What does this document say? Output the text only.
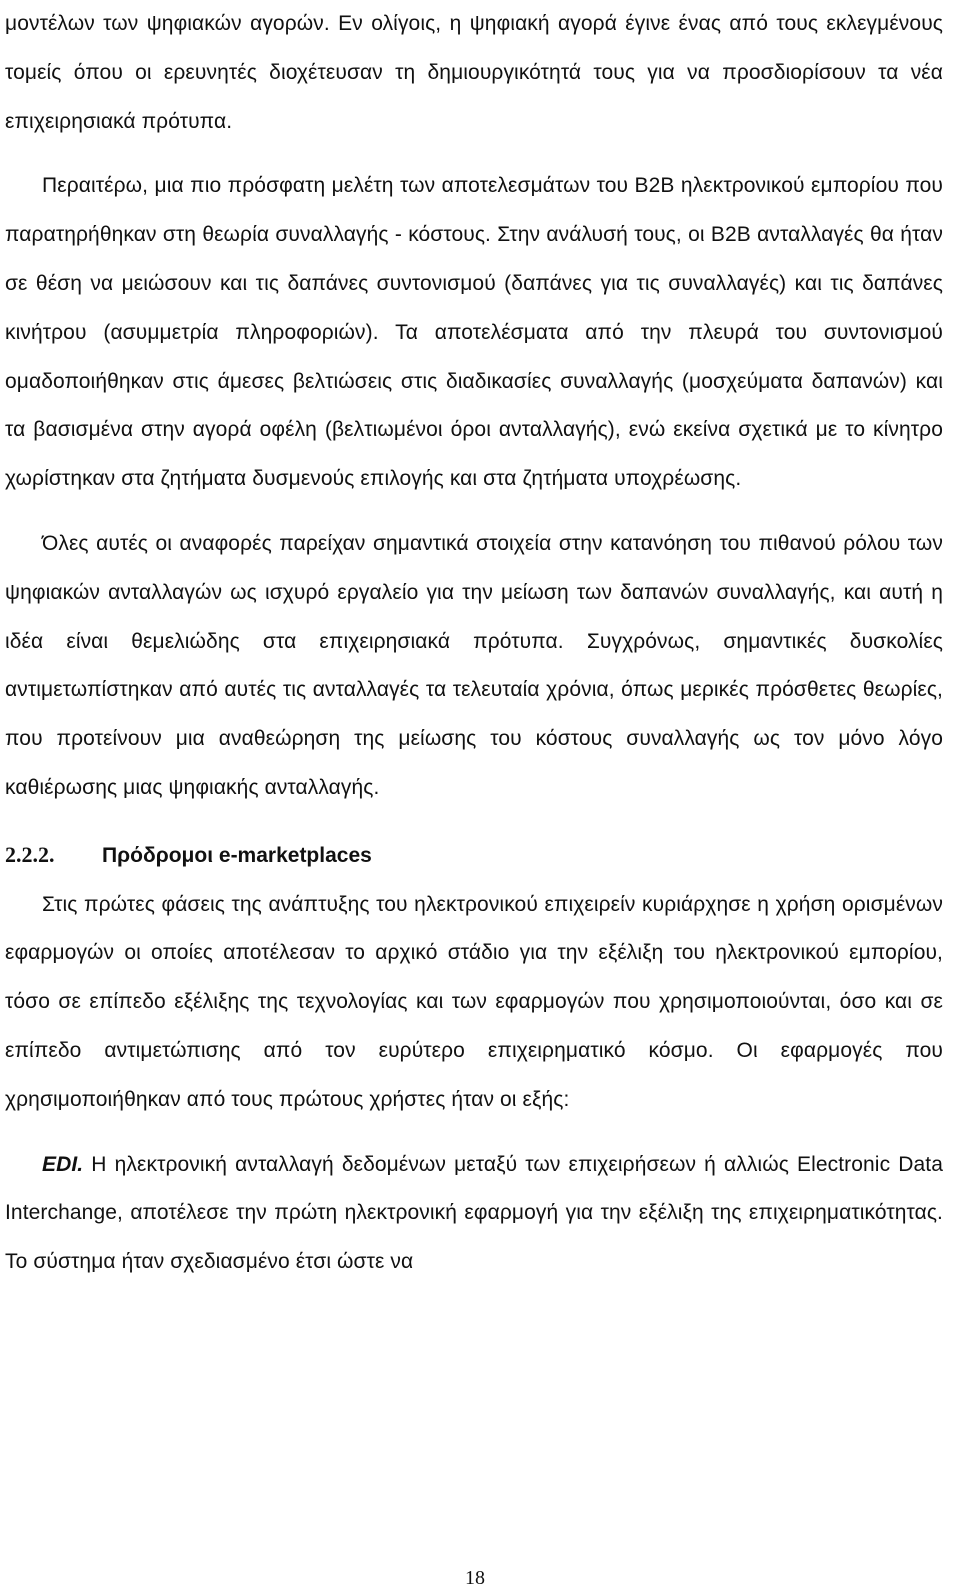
μοντέλων των ψηφιακών αγορών. Εν ολίγοις, η ψηφιακή αγορά έγινε ένας από τους εκλεγμένους τομείς όπου οι ερευνητές διοχέτευσαν τη δημιουργικότητά τους για να προσδιορίσουν τα νέα επιχειρησιακά πρότυπα.

Περαιτέρω, μια πιο πρόσφατη μελέτη των αποτελεσμάτων του B2B ηλεκτρονικού εμπορίου που παρατηρήθηκαν στη θεωρία συναλλαγής - κόστους. Στην ανάλυσή τους, οι B2B ανταλλαγές θα ήταν σε θέση να μειώσουν και τις δαπάνες συντονισμού (δαπάνες για τις συναλλαγές) και τις δαπάνες κινήτρου (ασυμμετρία πληροφοριών). Τα αποτελέσματα από την πλευρά του συντονισμού ομαδοποιήθηκαν στις άμεσες βελτιώσεις στις διαδικασίες συναλλαγής (μοσχεύματα δαπανών) και τα βασισμένα στην αγορά οφέλη (βελτιωμένοι όροι ανταλλαγής), ενώ εκείνα σχετικά με το κίνητρο χωρίστηκαν στα ζητήματα δυσμενούς επιλογής και στα ζητήματα υποχρέωσης.

Όλες αυτές οι αναφορές παρείχαν σημαντικά στοιχεία στην κατανόηση του πιθανού ρόλου των ψηφιακών ανταλλαγών ως ισχυρό εργαλείο για την μείωση των δαπανών συναλλαγής, και αυτή η ιδέα είναι θεμελιώδης στα επιχειρησιακά πρότυπα. Συγχρόνως, σημαντικές δυσκολίες αντιμετωπίστηκαν από αυτές τις ανταλλαγές τα τελευταία χρόνια, όπως μερικές πρόσθετες θεωρίες, που προτείνουν μια αναθεώρηση της μείωσης του κόστους συναλλαγής ως τον μόνο λόγο καθιέρωσης μιας ψηφιακής ανταλλαγής.

2.2.2. Πρόδρομοι e-marketplaces

Στις πρώτες φάσεις της ανάπτυξης του ηλεκτρονικού επιχειρείν κυριάρχησε η χρήση ορισμένων εφαρμογών οι οποίες αποτέλεσαν το αρχικό στάδιο για την εξέλιξη του ηλεκτρονικού εμπορίου, τόσο σε επίπεδο εξέλιξης της τεχνολογίας και των εφαρμογών που χρησιμοποιούνται, όσο και σε επίπεδο αντιμετώπισης από τον ευρύτερο επιχειρηματικό κόσμο. Οι εφαρμογές που χρησιμοποιήθηκαν από τους πρώτους χρήστες ήταν οι εξής:

EDI. Η ηλεκτρονική ανταλλαγή δεδομένων μεταξύ των επιχειρήσεων ή αλλιώς Electronic Data Interchange, αποτέλεσε την πρώτη ηλεκτρονική εφαρμογή για την εξέλιξη της επιχειρηματικότητας. Το σύστημα ήταν σχεδιασμένο έτσι ώστε να

18
